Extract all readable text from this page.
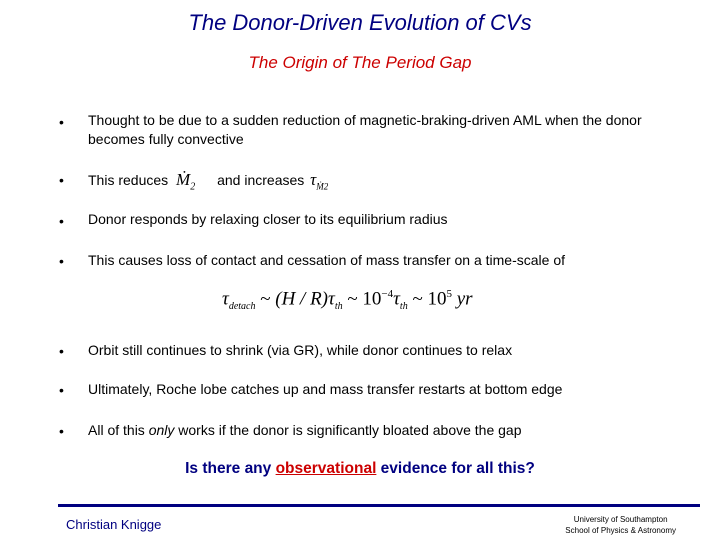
The Donor-Driven Evolution of CVs
The Origin of The Period Gap
• Thought to be due to a sudden reduction of magnetic-braking-driven AML when the donor becomes fully convective
• This reduces Ṁ$_2$ and increases $\tau_{Ṁ2}$
• Donor responds by relaxing closer to its equilibrium radius
• This causes loss of contact and cessation of mass transfer on a time-scale of
$\tau_{detach}$ ~ $(H / R)\tau_{th}$ ~ $10^{-4}\tau_{th}$ ~ $10^5$ yr
• Orbit still continues to shrink (via GR), while donor continues to relax
• Ultimately, Roche lobe catches up and mass transfer restarts at bottom edge
• All of this only works if the donor is significantly bloated above the gap
Is there any observational evidence for all this?
Christian Knigge	University of Southampton
School of Physics & Astronomy
